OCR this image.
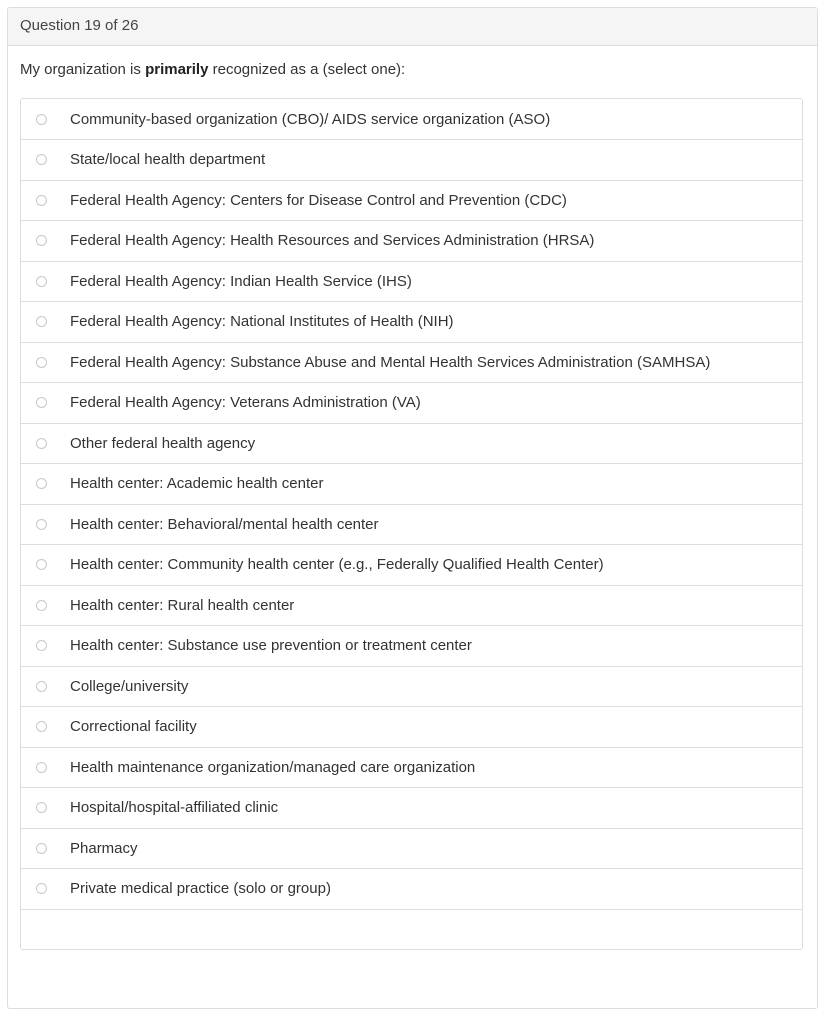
Question 19 of 26
My organization is primarily recognized as a (select one):
Community-based organization (CBO)/ AIDS service organization (ASO)
State/local health department
Federal Health Agency: Centers for Disease Control and Prevention (CDC)
Federal Health Agency: Health Resources and Services Administration (HRSA)
Federal Health Agency: Indian Health Service (IHS)
Federal Health Agency: National Institutes of Health (NIH)
Federal Health Agency: Substance Abuse and Mental Health Services Administration (SAMHSA)
Federal Health Agency: Veterans Administration (VA)
Other federal health agency
Health center: Academic health center
Health center: Behavioral/mental health center
Health center: Community health center (e.g., Federally Qualified Health Center)
Health center: Rural health center
Health center: Substance use prevention or treatment center
College/university
Correctional facility
Health maintenance organization/managed care organization
Hospital/hospital-affiliated clinic
Pharmacy
Private medical practice (solo or group)
